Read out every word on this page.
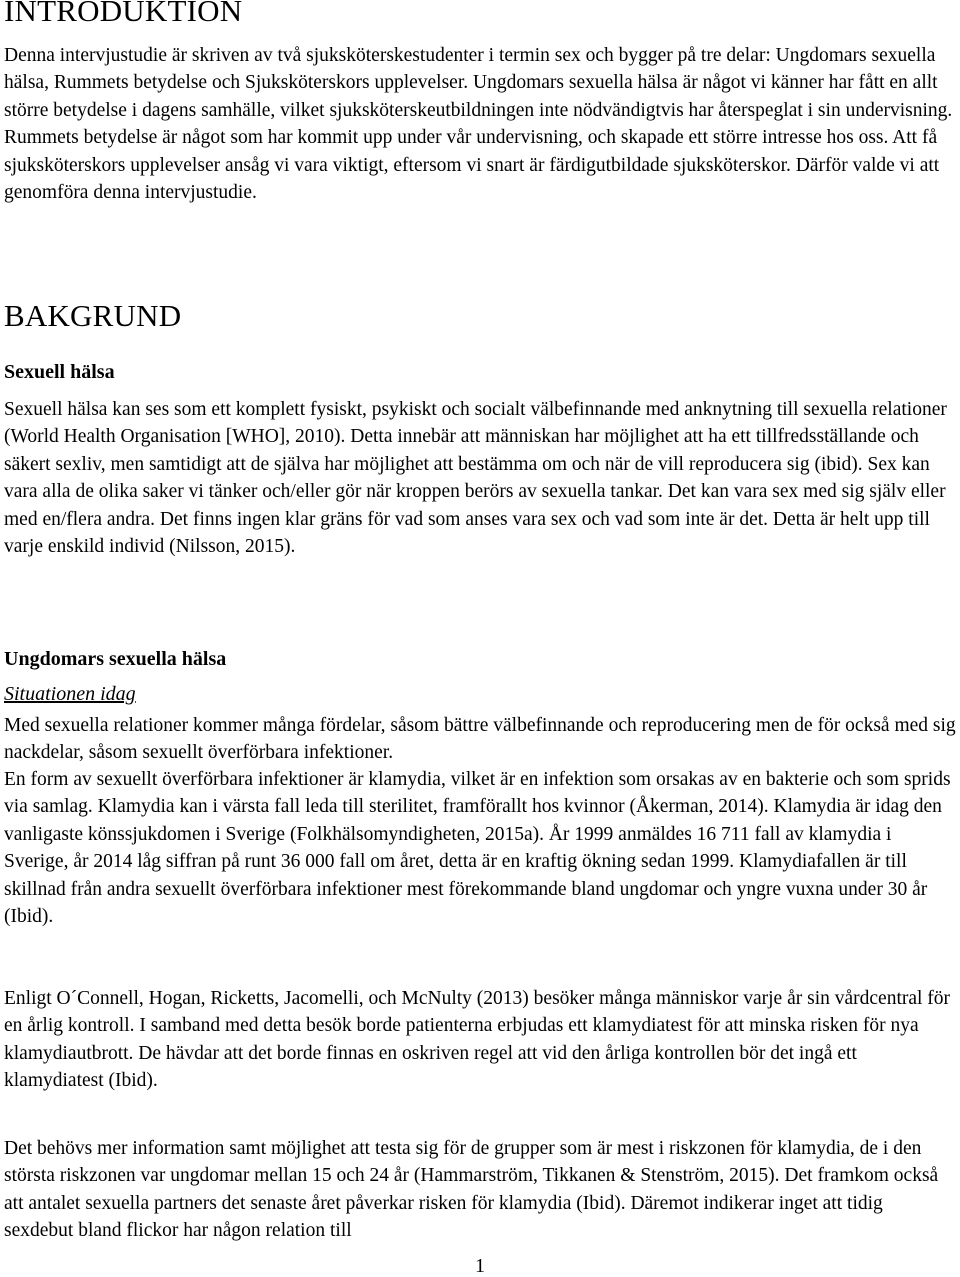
INTRODUKTION

Denna intervjustudie är skriven av två sjuksköterskestudenter i termin sex och bygger på tre delar: Ungdomars sexuella hälsa, Rummets betydelse och Sjuksköterskors upplevelser. Ungdomars sexuella hälsa är något vi känner har fått en allt större betydelse i dagens samhälle, vilket sjuksköterskeutbildningen inte nödvändigtvis har återspeglat i sin undervisning. Rummets betydelse är något som har kommit upp under vår undervisning, och skapade ett större intresse hos oss. Att få sjuksköterskors upplevelser ansåg vi vara viktigt, eftersom vi snart är färdigutbildade sjuksköterskor. Därför valde vi att genomföra denna intervjustudie.

BAKGRUND
Sexuell hälsa

Sexuell hälsa kan ses som ett komplett fysiskt, psykiskt och socialt välbefinnande med anknytning till sexuella relationer (World Health Organisation [WHO], 2010). Detta innebär att människan har möjlighet att ha ett tillfredsställande och säkert sexliv, men samtidigt att de själva har möjlighet att bestämma om och när de vill reproducera sig (ibid). Sex kan vara alla de olika saker vi tänker och/eller gör när kroppen berörs av sexuella tankar. Det kan vara sex med sig själv eller med en/flera andra. Det finns ingen klar gräns för vad som anses vara sex och vad som inte är det. Detta är helt upp till varje enskild individ (Nilsson, 2015).

Ungdomars sexuella hälsa
Situationen idag

Med sexuella relationer kommer många fördelar, såsom bättre välbefinnande och reproducering men de för också med sig nackdelar, såsom sexuellt överförbara infektioner.

En form av sexuellt överförbara infektioner är klamydia, vilket är en infektion som orsakas av en bakterie och som sprids via samlag. Klamydia kan i värsta fall leda till sterilitet, framförallt hos kvinnor (Åkerman, 2014). Klamydia är idag den vanligaste könssjukdomen i Sverige (Folkhälsomyndigheten, 2015a). År 1999 anmäldes 16 711 fall av klamydia i Sverige, år 2014 låg siffran på runt 36 000 fall om året, detta är en kraftig ökning sedan 1999. Klamydiafallen är till skillnad från andra sexuellt överförbara infektioner mest förekommande bland ungdomar och yngre vuxna under 30 år (Ibid).

Enligt O´Connell, Hogan, Ricketts, Jacomelli, och McNulty (2013) besöker många människor varje år sin vårdcentral för en årlig kontroll. I samband med detta besök borde patienterna erbjudas ett klamydiatest för att minska risken för nya klamydiautbrott. De hävdar att det borde finnas en oskriven regel att vid den årliga kontrollen bör det ingå ett klamydiatest (Ibid).

Det behövs mer information samt möjlighet att testa sig för de grupper som är mest i riskzonen för klamydia, de i den största riskzonen var ungdomar mellan 15 och 24 år (Hammarström, Tikkanen & Stenström, 2015). Det framkom också att antalet sexuella partners det senaste året påverkar risken för klamydia (Ibid). Däremot indikerar inget att tidig sexdebut bland flickor har någon relation till

1
